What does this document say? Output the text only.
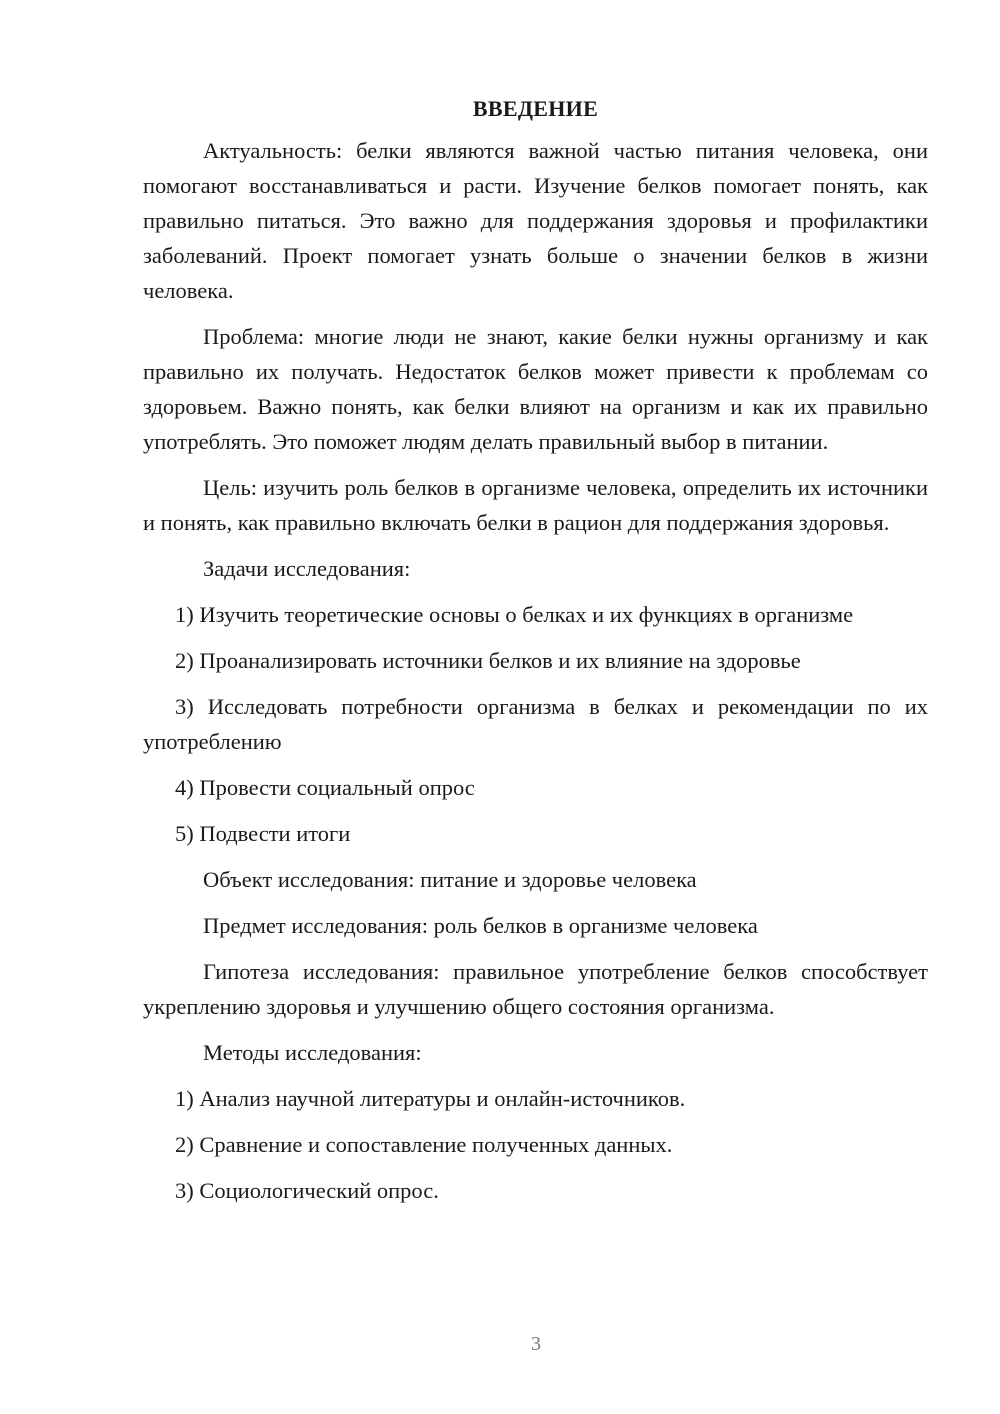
ВВЕДЕНИЕ

Актуальность: белки являются важной частью питания человека, они помогают восстанавливаться и расти. Изучение белков помогает понять, как правильно питаться. Это важно для поддержания здоровья и профилактики заболеваний. Проект помогает узнать больше о значении белков в жизни человека.

Проблема: многие люди не знают, какие белки нужны организму и как правильно их получать. Недостаток белков может привести к проблемам со здоровьем. Важно понять, как белки влияют на организм и как их правильно употреблять. Это поможет людям делать правильный выбор в питании.

Цель: изучить роль белков в организме человека, определить их источники и понять, как правильно включать белки в рацион для поддержания здоровья.

Задачи исследования:

1) Изучить теоретические основы о белках и их функциях в организме

2) Проанализировать источники белков и их влияние на здоровье

3) Исследовать потребности организма в белках и рекомендации по их употреблению

4) Провести социальный опрос

5) Подвести итоги

Объект исследования: питание и здоровье человека

Предмет исследования: роль белков в организме человека

Гипотеза исследования: правильное употребление белков способствует укреплению здоровья и улучшению общего состояния организма.

Методы исследования:

1) Анализ научной литературы и онлайн-источников.

2) Сравнение и сопоставление полученных данных.

3) Социологический опрос.

3
